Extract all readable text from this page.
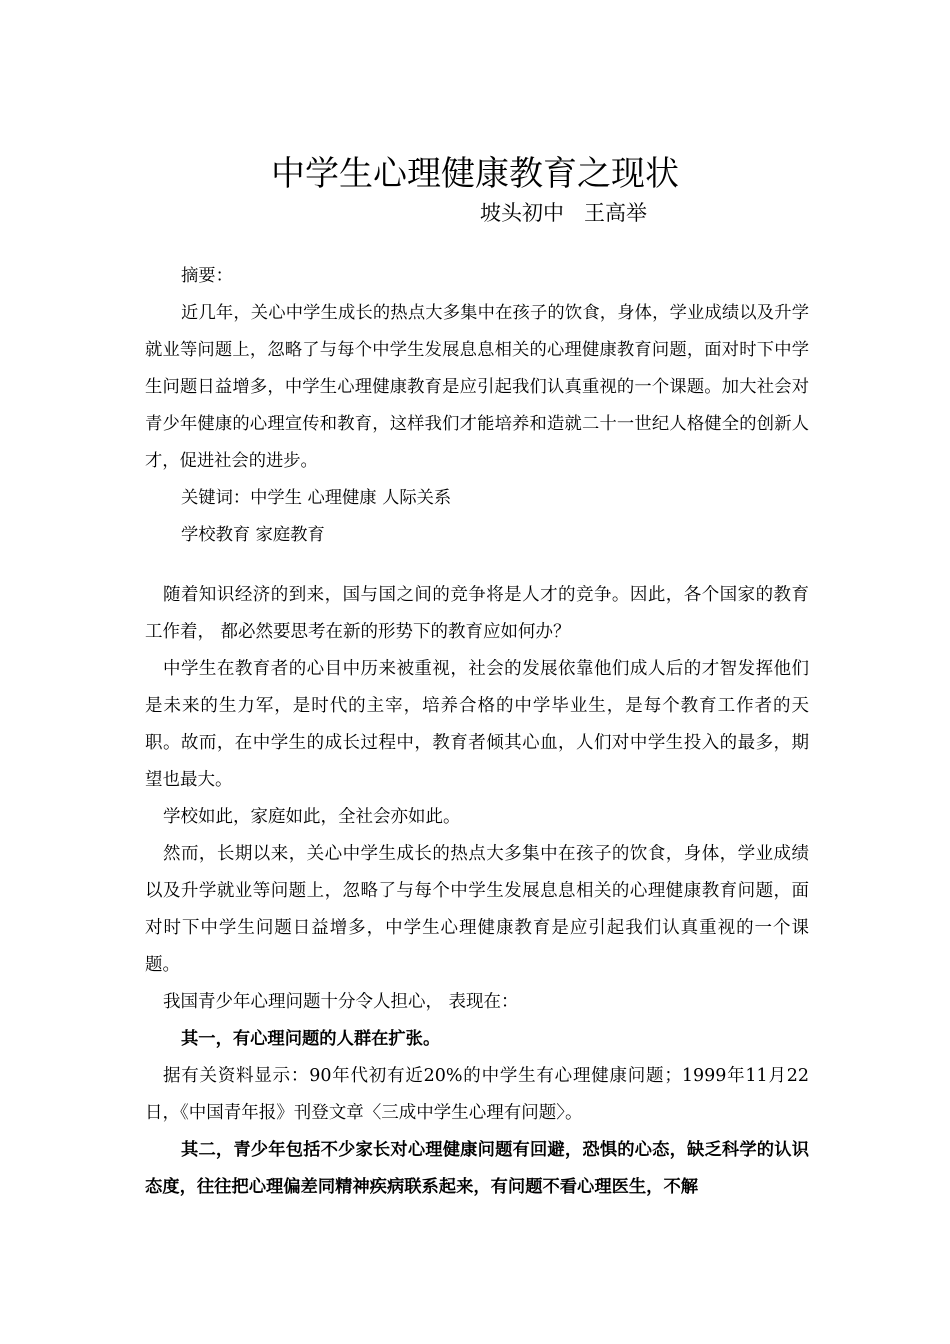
中学生心理健康教育之现状
坡头初中   王高举

摘要：

近几年，关心中学生成长的热点大多集中在孩子的饮食，身体，学业成绩以及升学就业等问题上，忽略了与每个中学生发展息息相关的心理健康教育问题，面对时下中学生问题日益增多，中学生心理健康教育是应引起我们认真重视的一个课题。加大社会对青少年健康的心理宣传和教育，这样我们才能培养和造就二十一世纪人格健全的创新人才，促进社会的进步。

关键词：中学生 心理健康 人际关系

学校教育 家庭教育

随着知识经济的到来，国与国之间的竞争将是人才的竞争。因此，各个国家的教育工作着， 都必然要思考在新的形势下的教育应如何办？

中学生在教育者的心目中历来被重视，社会的发展依靠他们成人后的才智发挥他们是未来的生力军，是时代的主宰，培养合格的中学毕业生，是每个教育工作者的天职。故而，在中学生的成长过程中，教育者倾其心血，人们对中学生投入的最多，期望也最大。

学校如此，家庭如此，全社会亦如此。

然而，长期以来，关心中学生成长的热点大多集中在孩子的饮食，身体，学业成绩以及升学就业等问题上，忽略了与每个中学生发展息息相关的心理健康教育问题，面对时下中学生问题日益增多，中学生心理健康教育是应引起我们认真重视的一个课题。

我国青少年心理问题十分令人担心， 表现在：

其一，有心理问题的人群在扩张。

据有关资料显示：90年代初有近20%的中学生有心理健康问题；1999年11月22日，《中国青年报》刊登文章〈三成中学生心理有问题〉。

其二，青少年包括不少家长对心理健康问题有回避，恐惧的心态，缺乏科学的认识态度，往往把心理偏差同精神疾病联系起来，有问题不看心理医生，不解
